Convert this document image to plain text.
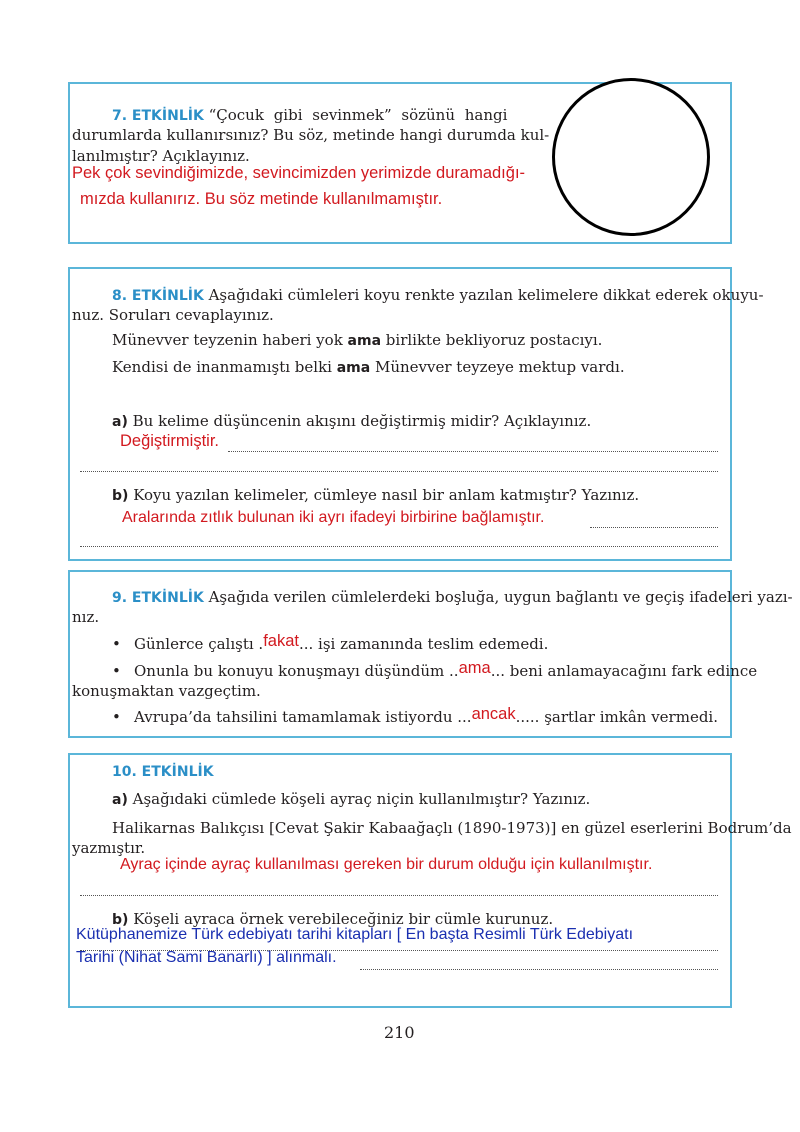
7. ETKİNLİK “Çocuk gibi sevinmek” sözünü hangi
durumlarda kullanırsınız? Bu söz, metinde hangi durumda kul-
lanılmıştır? Açıklayınız.
Pek çok sevindiğimizde, sevincimizden yerimizde duramadığı-
mızda kullanırız. Bu söz metinde kullanılmamıştır.
8. ETKİNLİK Aşağıdaki cümleleri koyu renkte yazılan kelimelere dikkat ederek okuyu-
nuz. Soruları cevaplayınız.
Münevver teyzenin haberi yok ama birlikte bekliyoruz postacıyı.
Kendisi de inanmamıştı belki ama Münevver teyzeye mektup vardı.
a) Bu kelime düşüncenin akışını değiştirmiş midir? Açıklayınız.
Değiştirmiştir.
b) Koyu yazılan kelimeler, cümleye nasıl bir anlam katmıştır? Yazınız.
Aralarında zıtlık bulunan iki ayrı ifadeyi birbirine bağlamıştır.
9. ETKİNLİK Aşağıda verilen cümlelerdeki boşluğa, uygun bağlantı ve geçiş ifadeleri yazı-
nız.
• Günlerce çalıştı .fakat... işi zamanında teslim edemedi.
• Onunla bu konuyu konuşmayı düşündüm ..ama... beni anlamayacağını fark edince
konuşmaktan vazgeçtim.
• Avrupa’da tahsilini tamamlamak istiyordu ...ancak..... şartlar imkân vermedi.
10. ETKİNLİK
a) Aşağıdaki cümlede köşeli ayraç niçin kullanılmıştır? Yazınız.
Halikarnas Balıkçısı [Cevat Şakir Kabaağaçlı (1890-1973)] en güzel eserlerini Bodrum’da
yazmıştır.
Ayraç içinde ayraç kullanılması gereken bir durum olduğu için kullanılmıştır.
b) Köşeli ayraca örnek verebileceğiniz bir cümle kurunuz.
Kütüphanemize Türk edebiyatı tarihi kitapları [ En başta Resimli Türk Edebiyatı
Tarihi (Nihat Sami Banarlı) ] alınmalı.
210
